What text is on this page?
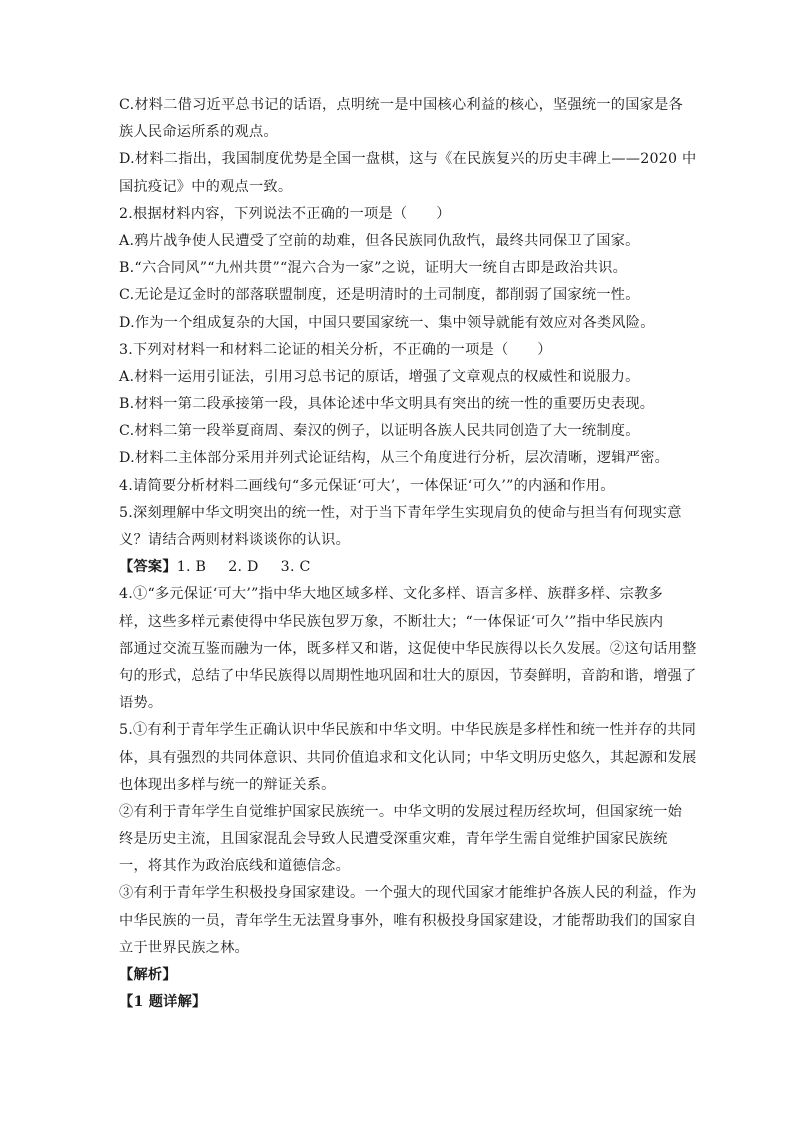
C.材料二借习近平总书记的话语，点明统一是中国核心利益的核心，坚强统一的国家是各
族人民命运所系的观点。
D.材料二指出，我国制度优势是全国一盘棋，这与《在民族复兴的历史丰碑上——2020 中
国抗疫记》中的观点一致。
2.根据材料内容，下列说法不正确的一项是（　　）
A.鸦片战争使人民遭受了空前的劫难，但各民族同仇敌忾，最终共同保卫了国家。
B.“六合同风”“九州共贯”“混六合为一家”之说，证明大一统自古即是政治共识。
C.无论是辽金时的部落联盟制度，还是明清时的土司制度，都削弱了国家统一性。
D.作为一个组成复杂的大国，中国只要国家统一、集中领导就能有效应对各类风险。
3.下列对材料一和材料二论证的相关分析，不正确的一项是（　　）
A.材料一运用引证法，引用习总书记的原话，增强了文章观点的权威性和说服力。
B.材料一第二段承接第一段，具体论述中华文明具有突出的统一性的重要历史表现。
C.材料二第一段举夏商周、秦汉的例子，以证明各族人民共同创造了大一统制度。
D.材料二主体部分采用并列式论证结构，从三个角度进行分析，层次清晰，逻辑严密。
4.请简要分析材料二画线句“多元保证‘可大’，一体保证‘可久’”的内涵和作用。
5.深刻理解中华文明突出的统一性，对于当下青年学生实现肩负的使命与担当有何现实意
义？请结合两则材料谈谈你的认识。
【答案】1. B 2. D 3. C
4.①“多元保证‘可大’”指中华大地区域多样、文化多样、语言多样、族群多样、宗教多
样，这些多样元素使得中华民族包罗万象，不断壮大；“一体保证‘可久’”指中华民族内
部通过交流互鉴而融为一体，既多样又和谐，这促使中华民族得以长久发展。②这句话用整
句的形式，总结了中华民族得以周期性地巩固和壮大的原因，节奏鲜明，音韵和谐，增强了
语势。
5.①有利于青年学生正确认识中华民族和中华文明。中华民族是多样性和统一性并存的共同
体，具有强烈的共同体意识、共同价值追求和文化认同；中华文明历史悠久，其起源和发展
也体现出多样与统一的辩证关系。
②有利于青年学生自觉维护国家民族统一。中华文明的发展过程历经坎坷，但国家统一始
终是历史主流，且国家混乱会导致人民遭受深重灾难，青年学生需自觉维护国家民族统
一，将其作为政治底线和道德信念。
③有利于青年学生积极投身国家建设。一个强大的现代国家才能维护各族人民的利益，作为
中华民族的一员，青年学生无法置身事外，唯有积极投身国家建设，才能帮助我们的国家自
立于世界民族之林。
【解析】
【1 题详解】
